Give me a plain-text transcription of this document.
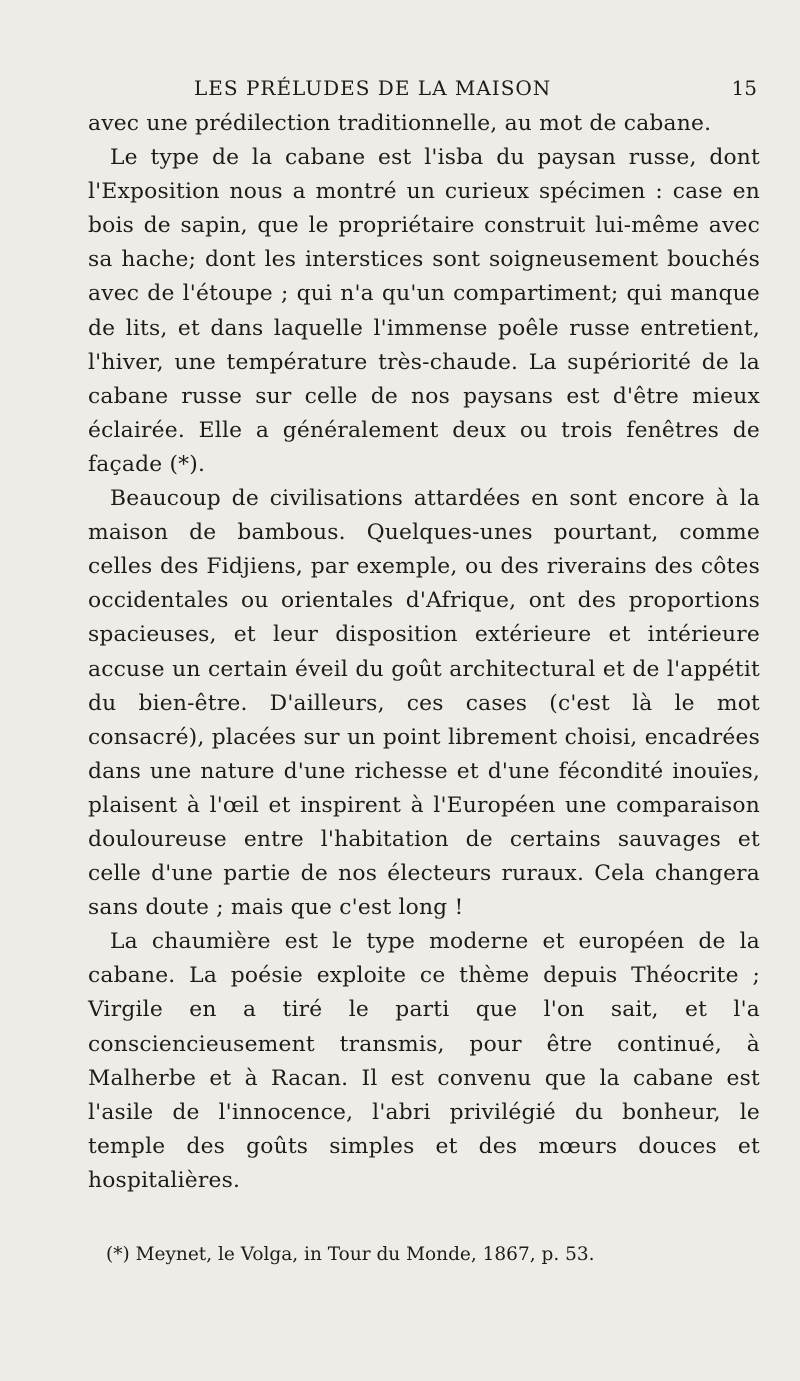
LES PRÉLUDES DE LA MAISON	15

avec une prédilection traditionnelle, au mot de cabane.

Le type de la cabane est l'isba du paysan russe, dont l'Exposition nous a montré un curieux spécimen : case en bois de sapin, que le propriétaire construit lui-même avec sa hache; dont les interstices sont soigneusement bouchés avec de l'étoupe ; qui n'a qu'un compartiment; qui manque de lits, et dans laquelle l'immense poêle russe entretient, l'hiver, une température très-chaude. La supériorité de la cabane russe sur celle de nos paysans est d'être mieux éclairée. Elle a généralement deux ou trois fenêtres de façade (*).

Beaucoup de civilisations attardées en sont encore à la maison de bambous. Quelques-unes pourtant, comme celles des Fidjiens, par exemple, ou des riverains des côtes occidentales ou orientales d'Afrique, ont des proportions spacieuses, et leur disposition extérieure et intérieure accuse un certain éveil du goût architectural et de l'appétit du bien-être. D'ailleurs, ces cases (c'est là le mot consacré), placées sur un point librement choisi, encadrées dans une nature d'une richesse et d'une fécondité inouïes, plaisent à l'œil et inspirent à l'Européen une comparaison douloureuse entre l'habitation de certains sauvages et celle d'une partie de nos électeurs ruraux. Cela changera sans doute ; mais que c'est long !

La chaumière est le type moderne et européen de la cabane. La poésie exploite ce thème depuis Théocrite ; Virgile en a tiré le parti que l'on sait, et l'a consciencieusement transmis, pour être continué, à Malherbe et à Racan. Il est convenu que la cabane est l'asile de l'innocence, l'abri privilégié du bonheur, le temple des goûts simples et des mœurs douces et hospitalières.

(*) Meynet, le Volga, in Tour du Monde, 1867, p. 53.
